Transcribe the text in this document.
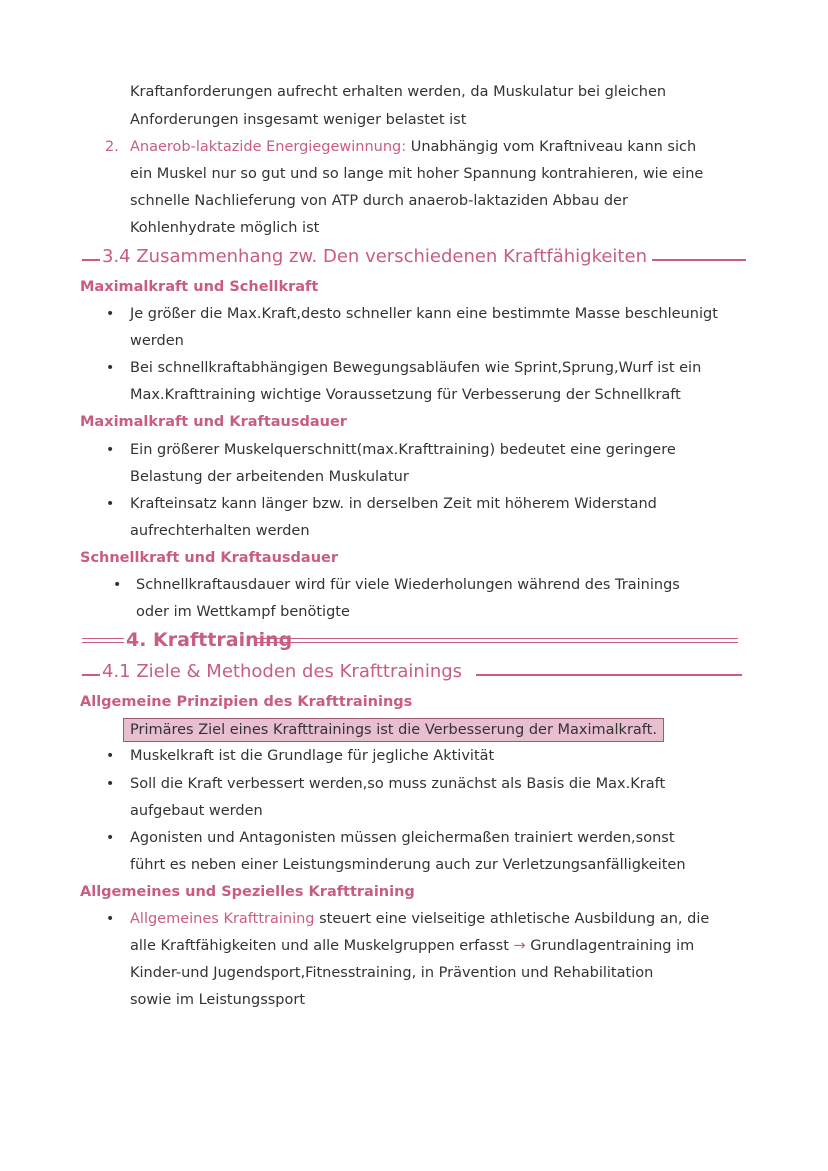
Kraftanforderungen aufrecht erhalten werden, da Muskulatur bei gleichen
Anforderungen insgesamt weniger belastet ist
2. Anaerob-laktazide Energiegewinnung: Unabhängig vom Kraftniveau kann sich
ein Muskel nur so gut und so lange mit hoher Spannung kontrahieren, wie eine
schnelle Nachlieferung von ATP durch anaerob-laktaziden Abbau der
Kohlenhydrate möglich ist
3.4 Zusammenhang zw. Den verschiedenen Kraftfähigkeiten
Maximalkraft und Schellkraft
• Je größer die Max.Kraft,desto schneller kann eine bestimmte Masse beschleunigt
werden
• Bei schnellkraftabhängigen Bewegungsabläufen wie Sprint,Sprung,Wurf ist ein
Max.Krafttraining wichtige Voraussetzung für Verbesserung der Schnellkraft
Maximalkraft und Kraftausdauer
• Ein größerer Muskelquerschnitt(max.Krafttraining) bedeutet eine geringere
Belastung der arbeitenden Muskulatur
• Krafteinsatz kann länger bzw. in derselben Zeit mit höherem Widerstand
aufrechterhalten werden
Schnellkraft und Kraftausdauer
• Schnellkraftausdauer wird für viele Wiederholungen während des Trainings
oder im Wettkampf benötigte
4. Krafttraining
4.1 Ziele & Methoden des Krafttrainings
Allgemeine Prinzipien des Krafttrainings
Primäres Ziel eines Krafttrainings ist die Verbesserung der Maximalkraft.
• Muskelkraft ist die Grundlage für jegliche Aktivität
• Soll die Kraft verbessert werden,so muss zunächst als Basis die Max.Kraft
aufgebaut werden
• Agonisten und Antagonisten müssen gleichermaßen trainiert werden,sonst
führt es neben einer Leistungsminderung auch zur Verletzungsanfälligkeiten
Allgemeines und Spezielles Krafttraining
• Allgemeines Krafttraining steuert eine vielseitige athletische Ausbildung an, die
alle Kraftfähigkeiten und alle Muskelgruppen erfasst → Grundlagentraining im
Kinder-und Jugendsport,Fitnesstraining, in Prävention und Rehabilitation
sowie im Leistungssport
